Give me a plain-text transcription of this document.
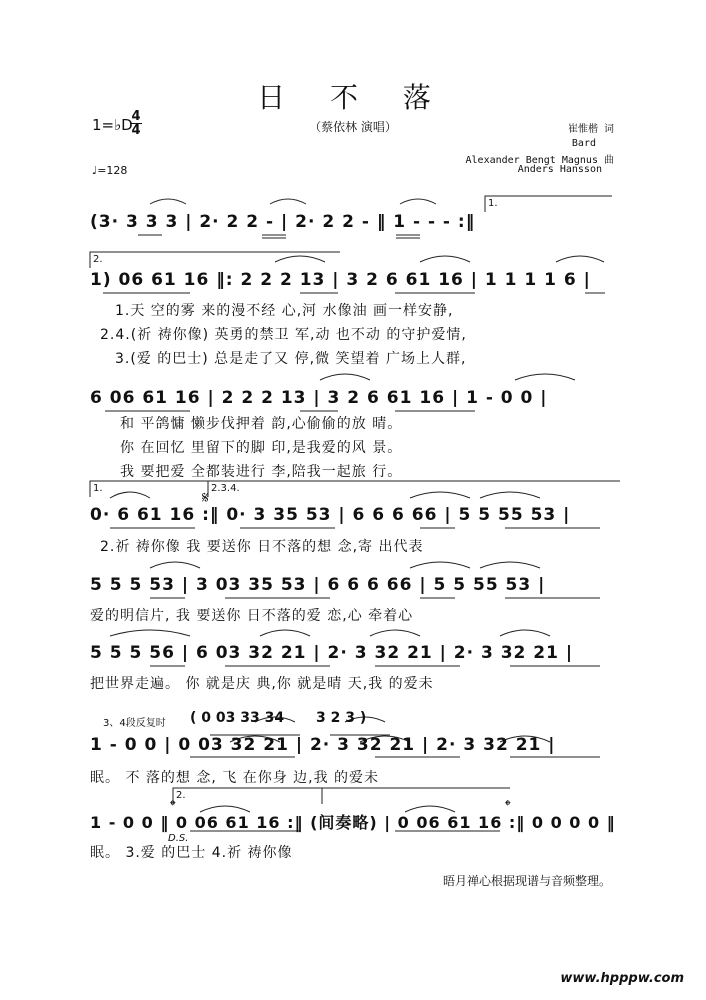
日 不 落
（蔡依林 演唱）
1=♭D
4
4
♩=128
崔惟楷 词
Bard
Alexander Bengt Magnus 曲
Anders Hansson
1.
2.
1.	2.3.4.
2.
𝄋
𝄌	𝄌
D.S.
(3· 3 3 3 | 2· 2 2 - | 2· 2 2 - ‖ 1 - - - :‖
1) 06 61 16 ‖: 2 2 2 13 | 3 2 6 61 16 | 1 1 1 1 6 |
1.天 空的雾 来的漫不经 心,河 水像油 画一样安静,
2.4.(祈 祷你像) 英勇的禁卫 军,动 也不动 的守护爱情,
3.(爱 的巴士) 总是走了又 停,微 笑望着 广场上人群,
6 06 61 16 | 2 2 2 13 | 3 2 6 61 16 | 1 - 0 0 |
和 平鸽慵 懒步伐押着 韵,心偷偷的放 晴。
你 在回忆 里留下的脚 印,是我爱的风 景。
我 要把爱 全都装进行 李,陪我一起旅 行。
0· 6 61 16 :‖ 0· 3 35 53 | 6 6 6 66 | 5 5 55 53 |
2.祈 祷你像 我 要送你 日不落的想 念,寄 出代表
5 5 5 53 | 3 03 35 53 | 6 6 6 66 | 5 5 55 53 |
爱的明信片, 我 要送你 日不落的爱 恋,心 牵着心
5 5 5 56 | 6 03 32 21 | 2· 3 32 21 | 2· 3 32 21 |
把世界走遍。 你 就是庆 典,你 就是晴 天,我 的爱未
3、4段反复时 ( 0 03 33 34 3 2 3 )
1 - 0 0 | 0 03 32 21 | 2· 3 32 21 | 2· 3 32 21 |
眠。 不 落的想 念, 飞 在你身 边,我 的爱未
1 - 0 0 ‖ 0 06 61 16 :‖ (间奏略) | 0 06 61 16 :‖ 0 0 0 0 ‖
眠。 3.爱 的巴士 4.祈 祷你像
晤月禅心根据现谱与音频整理。
www.hpppw.com
